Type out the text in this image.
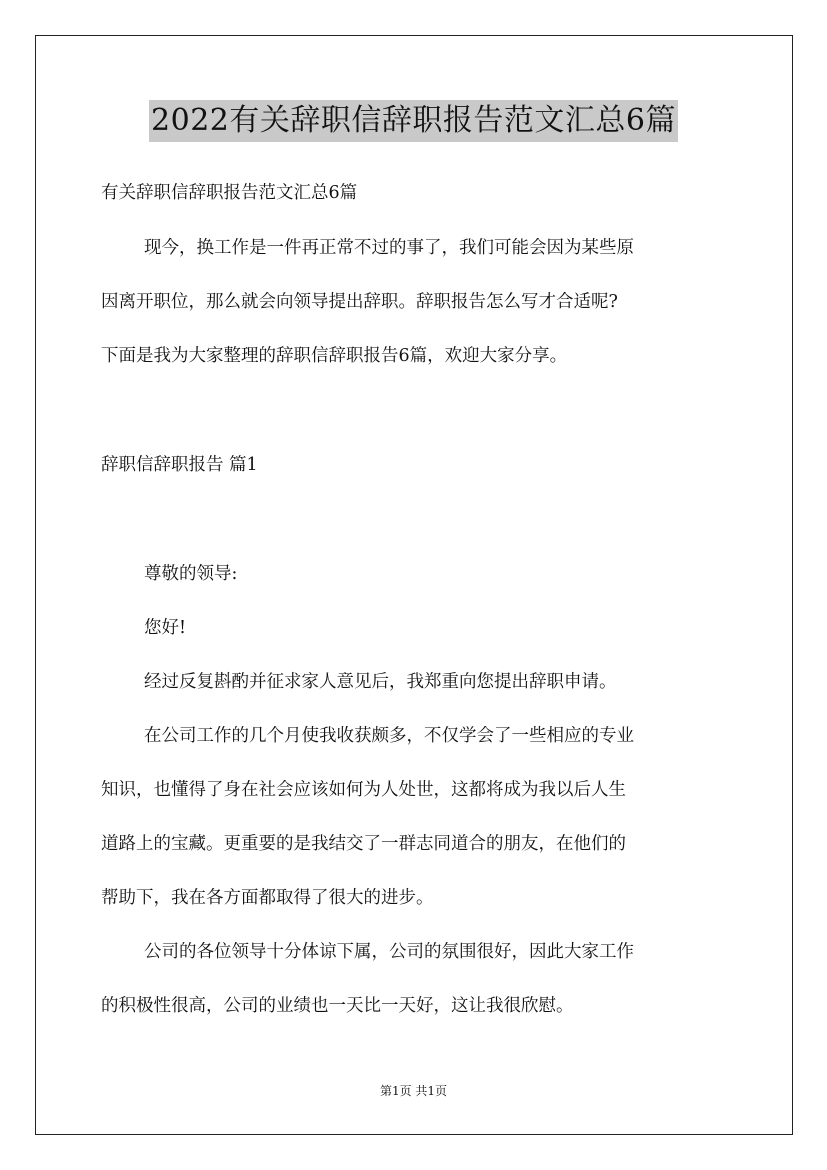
2022有关辞职信辞职报告范文汇总6篇
有关辞职信辞职报告范文汇总6篇
现今，换工作是一件再正常不过的事了，我们可能会因为某些原
因离开职位，那么就会向领导提出辞职。辞职报告怎么写才合适呢?
下面是我为大家整理的辞职信辞职报告6篇，欢迎大家分享。
辞职信辞职报告 篇1
尊敬的领导:
您好!
经过反复斟酌并征求家人意见后，我郑重向您提出辞职申请。
在公司工作的几个月使我收获颇多，不仅学会了一些相应的专业
知识，也懂得了身在社会应该如何为人处世，这都将成为我以后人生
道路上的宝藏。更重要的是我结交了一群志同道合的朋友，在他们的
帮助下，我在各方面都取得了很大的进步。
公司的各位领导十分体谅下属，公司的氛围很好，因此大家工作
的积极性很高，公司的业绩也一天比一天好，这让我很欣慰。
第1页 共1页
